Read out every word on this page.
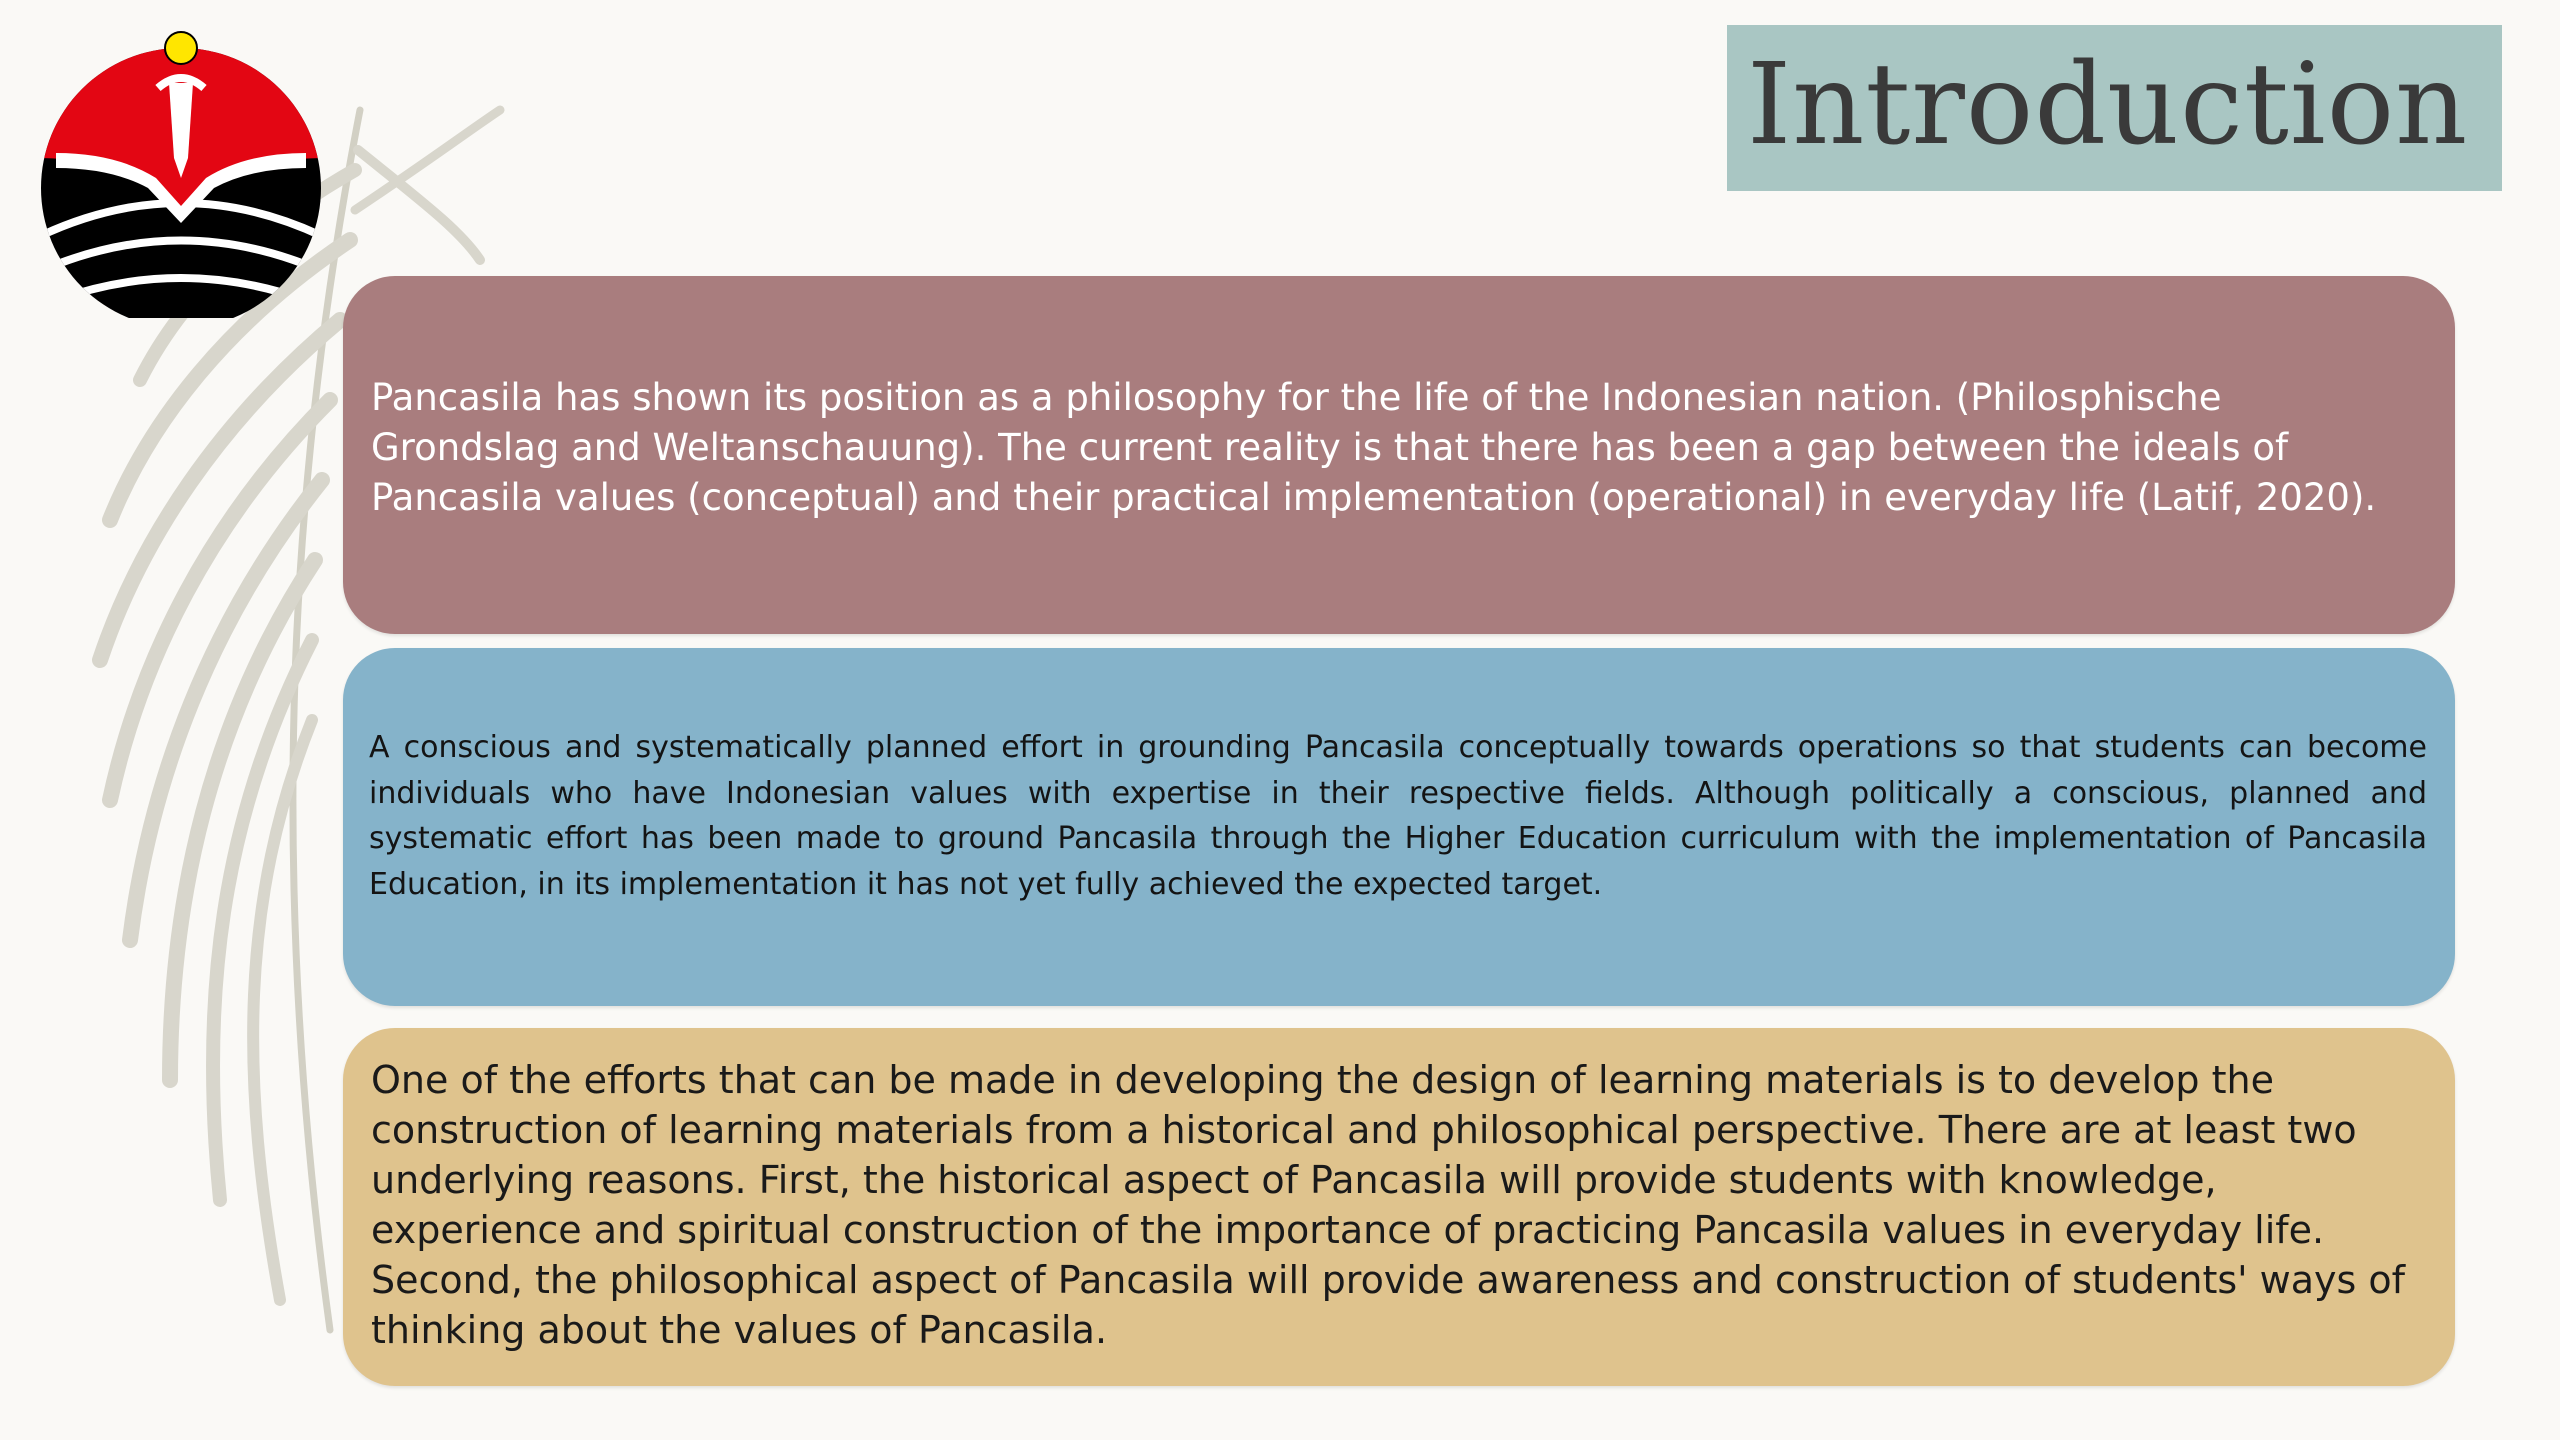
Introduction
Pancasila has shown its position as a philosophy for the life of the Indonesian nation. (Philosphische Grondslag and Weltanschauung). The current reality is that there has been a gap between the ideals of Pancasila values (conceptual) and their practical implementation (operational) in everyday life (Latif, 2020).
A conscious and systematically planned effort in grounding Pancasila conceptually towards operations so that students can become individuals who have Indonesian values with expertise in their respective fields. Although politically a conscious, planned and systematic effort has been made to ground Pancasila through the Higher Education curriculum with the implementation of Pancasila Education, in its implementation it has not yet fully achieved the expected target.
One of the efforts that can be made in developing the design of learning materials is to develop the construction of learning materials from a historical and philosophical perspective. There are at least two underlying reasons. First, the historical aspect of Pancasila will provide students with knowledge, experience and spiritual construction of the importance of practicing Pancasila values in everyday life. Second, the philosophical aspect of Pancasila will provide awareness and construction of students' ways of thinking about the values of Pancasila.
